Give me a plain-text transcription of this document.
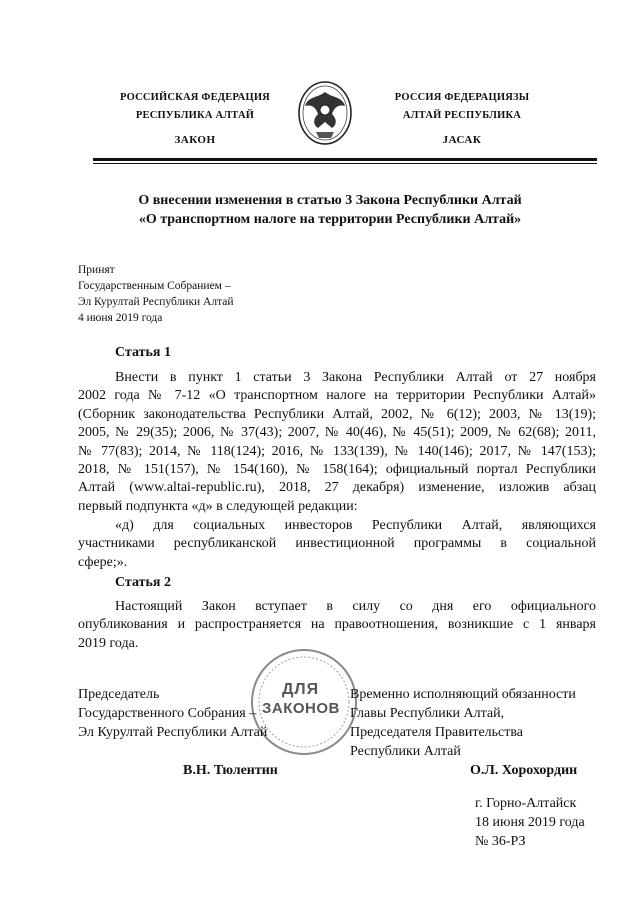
РОССИЙСКАЯ ФЕДЕРАЦИЯ
РЕСПУБЛИКА АЛТАЙ
ЗАКОН
РОССИЯ ФЕДЕРАЦИЯЗЫ
АЛТАЙ РЕСПУБЛИКА
ЈАСАК
О внесении изменения в статью 3 Закона Республики Алтай
«О транспортном налоге на территории Республики Алтай»
Принят
Государственным Собранием –
Эл Курултай Республики Алтай
4 июня 2019 года
Статья 1
Внести в пункт 1 статьи 3 Закона Республики Алтай от 27 ноября
2002 года № 7-12 «О транспортном налоге на территории Республики Алтай»
(Сборник законодательства Республики Алтай, 2002, № 6(12); 2003, № 13(19);
2005, № 29(35); 2006, № 37(43); 2007, № 40(46), № 45(51); 2009, № 62(68); 2011,
№ 77(83); 2014, № 118(124); 2016, № 133(139), № 140(146); 2017, № 147(153);
2018, № 151(157), № 154(160), № 158(164); официальный портал Республики
Алтай (www.altai-republic.ru), 2018, 27 декабря) изменение, изложив абзац
первый подпункта «д» в следующей редакции:
«д) для социальных инвесторов Республики Алтай, являющихся
участниками республиканской инвестиционной программы в социальной
сфере;».
Статья 2
Настоящий Закон вступает в силу со дня его официального
опубликования и распространяется на правоотношения, возникшие с 1 января
2019 года.
ДЛЯ
ЗАКОНОВ
Председатель
Государственного Собрания –
Эл Курултай Республики Алтай
В.Н. Тюлентин
Временно исполняющий обязанности
Главы Республики Алтай,
Председателя Правительства
Республики Алтай
О.Л. Хорохордин
г. Горно-Алтайск
18 июня 2019 года
№ 36-РЗ
